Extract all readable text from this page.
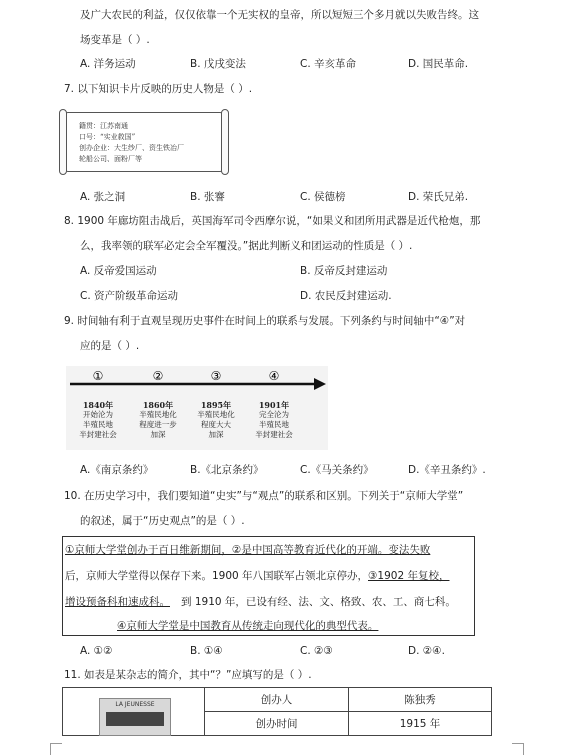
及广大农民的利益，仅仅依靠一个无实权的皇帝，所以短短三个多月就以失败告终。这
场变革是（ ）.
A. 洋务运动	B. 戊戌变法	C. 辛亥革命	D. 国民革命.
7. 以下知识卡片反映的历史人物是（ ）.
籍贯：江苏南通
口号：“实业救国”
创办企业：大生纱厂、资生铁冶厂
轮船公司、面粉厂等
A. 张之洞	B. 张謇	C. 侯德榜	D. 荣氏兄弟.
8. 1900 年廊坊阻击战后，英国海军司令西摩尔说，“如果义和团所用武器是近代枪炮，那
么，我率领的联军必定会全军覆没。”据此判断义和团运动的性质是（ ）.
A. 反帝爱国运动	B. 反帝反封建运动
C. 资产阶级革命运动	D. 农民反封建运动.
9. 时间轴有利于直观呈现历史事件在时间上的联系与发展。下列条约与时间轴中“④”对
应的是（ ）.
①	②	③	④
1840年
开始沦为
半殖民地
半封建社会
1860年
半殖民地化
程度进一步
加深
1895年
半殖民地化
程度大大
加深
1901年
完全沦为
半殖民地
半封建社会
A.《南京条约》	B.《北京条约》	C.《马关条约》	D.《辛丑条约》.
10. 在历史学习中，我们要知道“史实”与“观点”的联系和区别。下列关于“京师大学堂”
的叙述，属于“历史观点”的是（ ）.
①京师大学堂创办于百日维新期间，②是中国高等教育近代化的开端。变法失败
后，京师大学堂得以保存下来。1900 年八国联军占领北京停办， ③1902 年复校，
增设预备科和速成科。 到 1910 年，已设有经、法、文、格致、农、工、商七科。
④京师大学堂是中国教育从传统走向现代化的典型代表。
A. ①②	B. ①④	C. ②③	D. ②④.
11. 如表是某杂志的简介，其中“？”应填写的是（ ）.
LA JEUNESSE	创办人	陈独秀
	创办时间	1915 年
